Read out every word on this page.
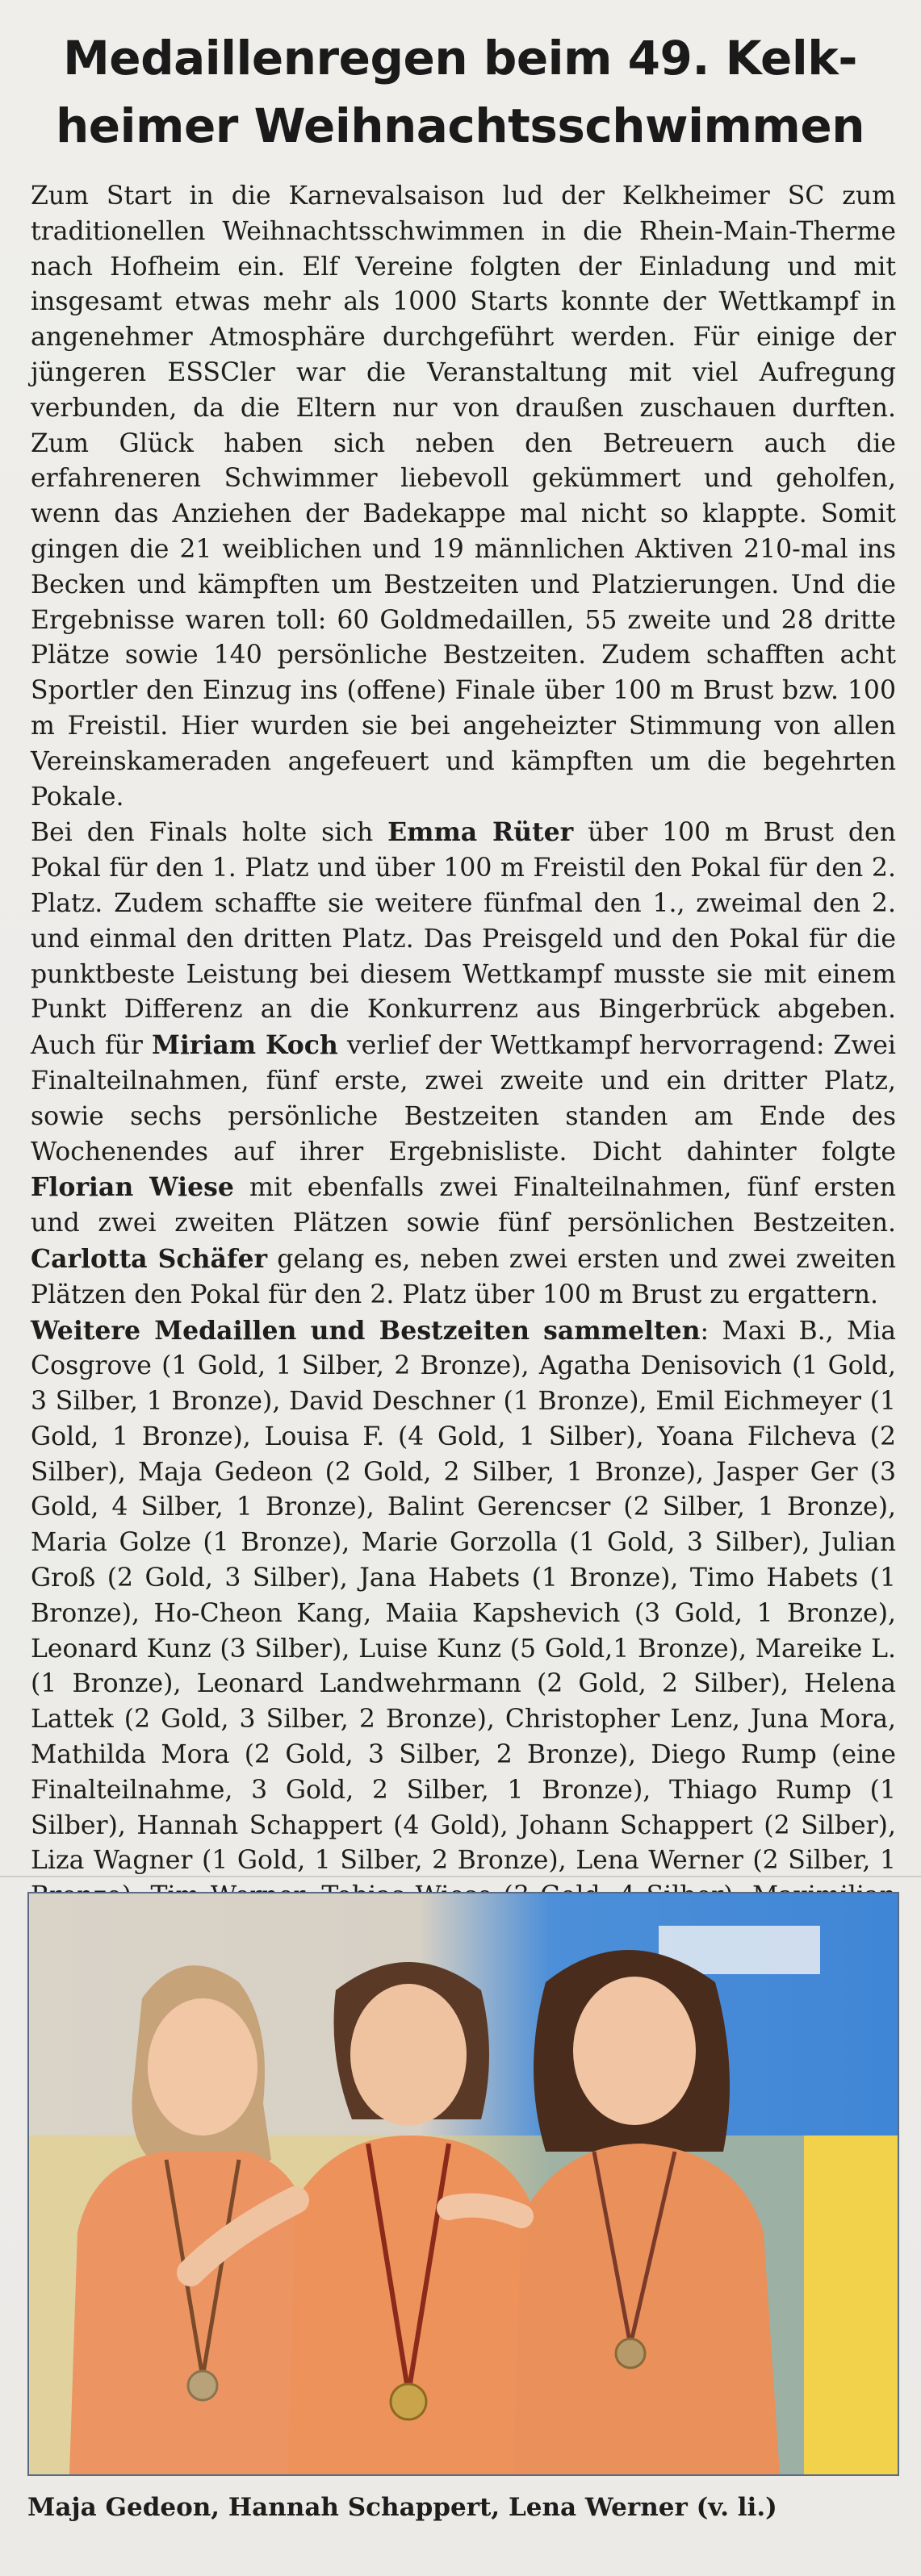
Medaillenregen beim 49. Kelk-
heimer Weihnachtsschwimmen

Zum Start in die Karnevalsaison lud der Kelkheimer SC zum traditionellen Weihnachtsschwimmen in die Rhein-Main-Therme nach Hofheim ein. Elf Vereine folgten der Einladung und mit insgesamt etwas mehr als 1000 Starts konnte der Wettkampf in angenehmer Atmosphäre durchgeführt werden. Für einige der jüngeren ESSCler war die Veranstaltung mit viel Aufregung verbunden, da die Eltern nur von draußen zuschauen durften. Zum Glück haben sich neben den Betreuern auch die erfahreneren Schwimmer liebevoll gekümmert und geholfen, wenn das Anziehen der Badekappe mal nicht so klappte. Somit gingen die 21 weiblichen und 19 männlichen Aktiven 210-mal ins Becken und kämpften um Bestzeiten und Platzierungen. Und die Ergebnisse waren toll: 60 Goldmedaillen, 55 zweite und 28 dritte Plätze sowie 140 persönliche Bestzeiten. Zudem schafften acht Sportler den Einzug ins (offene) Finale über 100 m Brust bzw. 100 m Freistil. Hier wurden sie bei angeheizter Stimmung von allen Vereinskameraden angefeuert und kämpften um die begehrten Pokale.

Bei den Finals holte sich Emma Rüter über 100 m Brust den Pokal für den 1. Platz und über 100 m Freistil den Pokal für den 2. Platz. Zudem schaffte sie weitere fünfmal den 1., zweimal den 2. und einmal den dritten Platz. Das Preisgeld und den Pokal für die punktbeste Leistung bei diesem Wettkampf musste sie mit einem Punkt Differenz an die Konkurrenz aus Bingerbrück abgeben. Auch für Miriam Koch verlief der Wettkampf hervorragend: Zwei Finalteilnahmen, fünf erste, zwei zweite und ein dritter Platz, sowie sechs persönliche Bestzeiten standen am Ende des Wochenendes auf ihrer Ergebnisliste. Dicht dahinter folgte Florian Wiese mit ebenfalls zwei Finalteilnahmen, fünf ersten und zwei zweiten Plätzen sowie fünf persönlichen Bestzeiten. Carlotta Schäfer gelang es, neben zwei ersten und zwei zweiten Plätzen den Pokal für den 2. Platz über 100 m Brust zu ergattern.

Weitere Medaillen und Bestzeiten sammelten: Maxi B., Mia Cosgrove (1 Gold, 1 Silber, 2 Bronze), Agatha Denisovich (1 Gold, 3 Silber, 1 Bronze), David Deschner (1 Bronze), Emil Eichmeyer (1 Gold, 1 Bronze), Louisa F. (4 Gold, 1 Silber), Yoana Filcheva (2 Silber), Maja Gedeon (2 Gold, 2 Silber, 1 Bronze), Jasper Ger (3 Gold, 4 Silber, 1 Bronze), Balint Gerencser (2 Silber, 1 Bronze), Maria Golze (1 Bronze), Marie Gorzolla (1 Gold, 3 Silber), Julian Groß (2 Gold, 3 Silber), Jana Habets (1 Bronze), Timo Habets (1 Bronze), Ho-Cheon Kang, Maiia Kapshevich (3 Gold, 1 Bronze), Leonard Kunz (3 Silber), Luise Kunz (5 Gold,1 Bronze), Mareike L. (1 Bronze), Leonard Landwehrmann (2 Gold, 2 Silber), Helena Lattek (2 Gold, 3 Silber, 2 Bronze), Christopher Lenz, Juna Mora, Mathilda Mora (2 Gold, 3 Silber, 2 Bronze), Diego Rump (eine Finalteilnahme, 3 Gold, 2 Silber, 1 Bronze), Thiago Rump (1 Silber), Hannah Schappert (4 Gold), Johann Schappert (2 Silber), Liza Wagner (1 Gold, 1 Silber, 2 Bronze), Lena Werner (2 Silber, 1

Maja Gedeon, Hannah Schappert, Lena Werner (v. li.)
